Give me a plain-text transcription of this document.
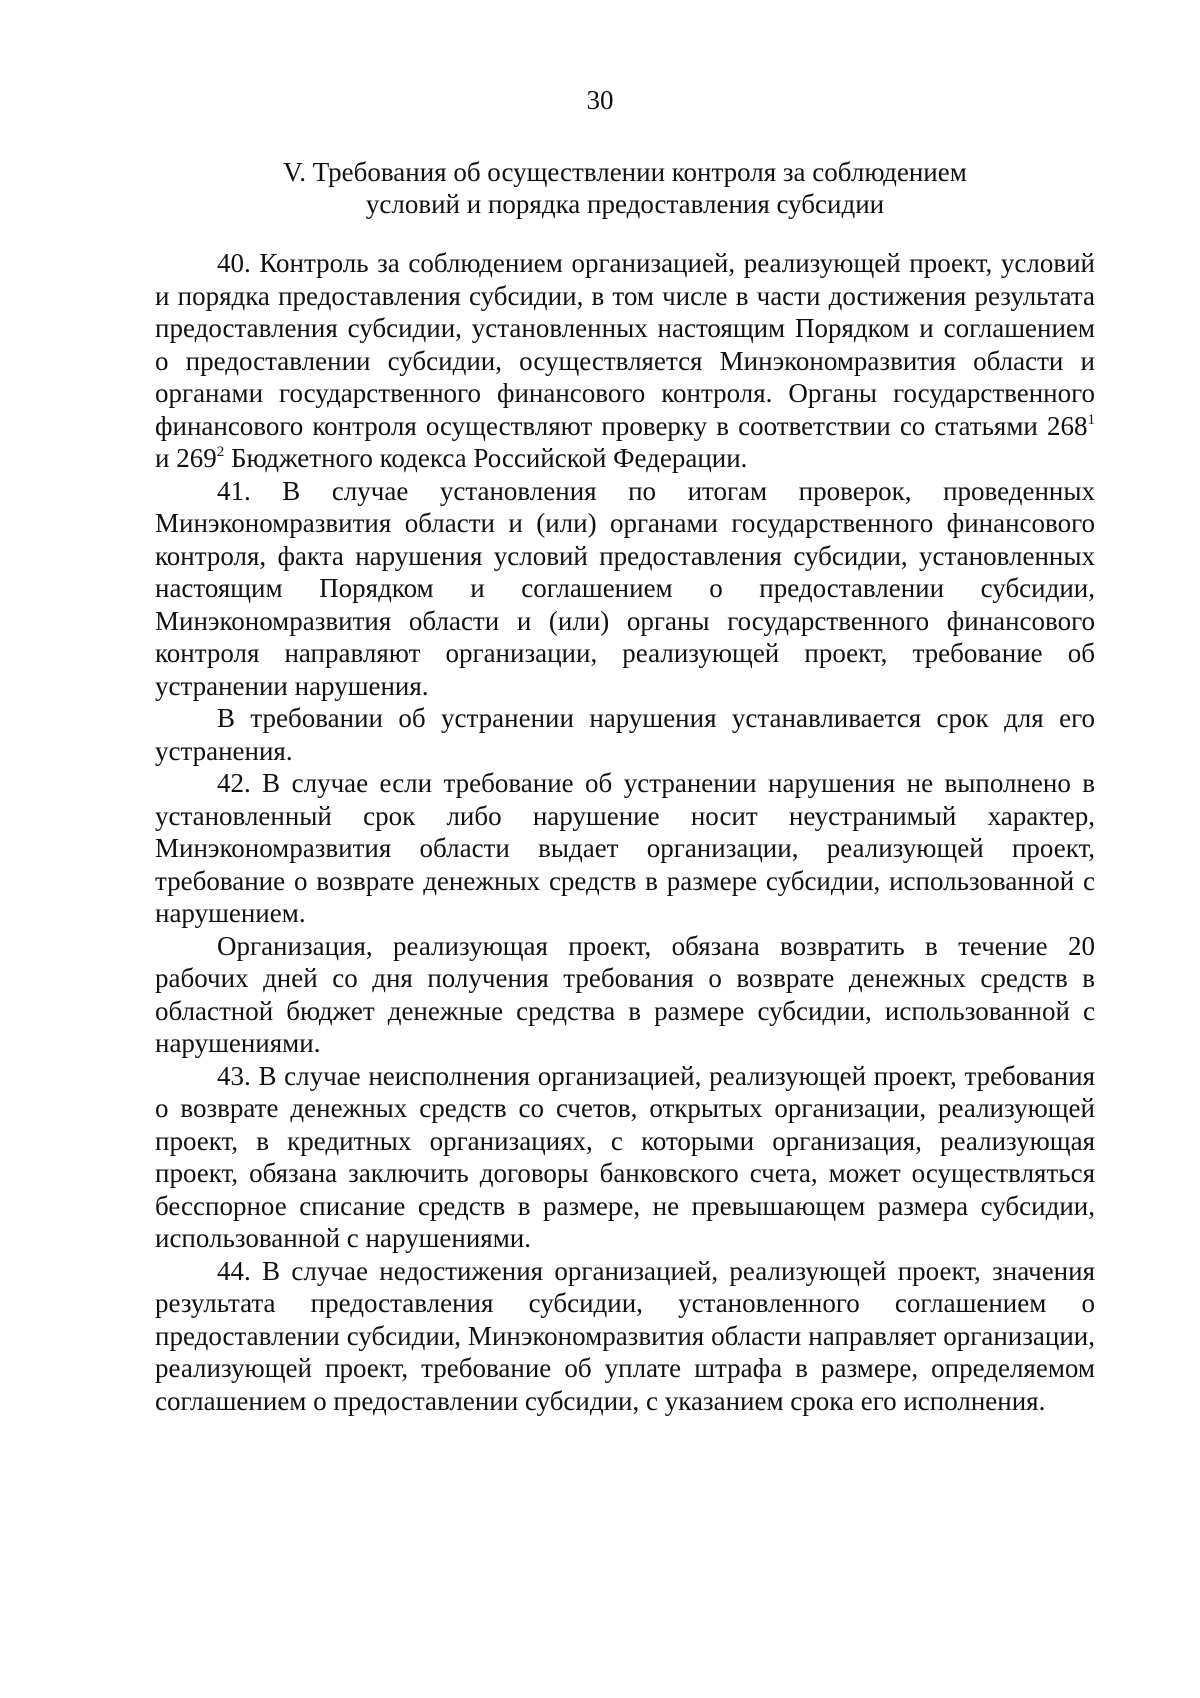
30
V. Требования об осуществлении контроля за соблюдением
условий и порядка предоставления субсидии

40. Контроль за соблюдением организацией, реализующей проект, условий и порядка предоставления субсидии, в том числе в части достижения результата предоставления субсидии, установленных настоящим Порядком и соглашением о предоставлении субсидии, осуществляется Минэкономразвития области и органами государственного финансового контроля. Органы государственного финансового контроля осуществляют проверку в соответствии со статьями $268^1$ и $269^2$ Бюджетного кодекса Российской Федерации.

41. В случае установления по итогам проверок, проведенных Минэкономразвития области и (или) органами государственного финансового контроля, факта нарушения условий предоставления субсидии, установленных настоящим Порядком и соглашением о предоставлении субсидии, Минэкономразвития области и (или) органы государственного финансового контроля направляют организации, реализующей проект, требование об устранении нарушения.

В требовании об устранении нарушения устанавливается срок для его устранения.

42. В случае если требование об устранении нарушения не выполнено в установленный срок либо нарушение носит неустранимый характер, Минэкономразвития области выдает организации, реализующей проект, требование о возврате денежных средств в размере субсидии, использованной с нарушением.

Организация, реализующая проект, обязана возвратить в течение 20 рабочих дней со дня получения требования о возврате денежных средств в областной бюджет денежные средства в размере субсидии, использованной с нарушениями.

43. В случае неисполнения организацией, реализующей проект, требования о возврате денежных средств со счетов, открытых организации, реализующей проект, в кредитных организациях, с которыми организация, реализующая проект, обязана заключить договоры банковского счета, может осуществляться бесспорное списание средств в размере, не превышающем размера субсидии, использованной с нарушениями.

44. В случае недостижения организацией, реализующей проект, значения результата предоставления субсидии, установленного соглашением о предоставлении субсидии, Минэкономразвития области направляет организации, реализующей проект, требование об уплате штрафа в размере, определяемом соглашением о предоставлении субсидии, с указанием срока его исполнения.
